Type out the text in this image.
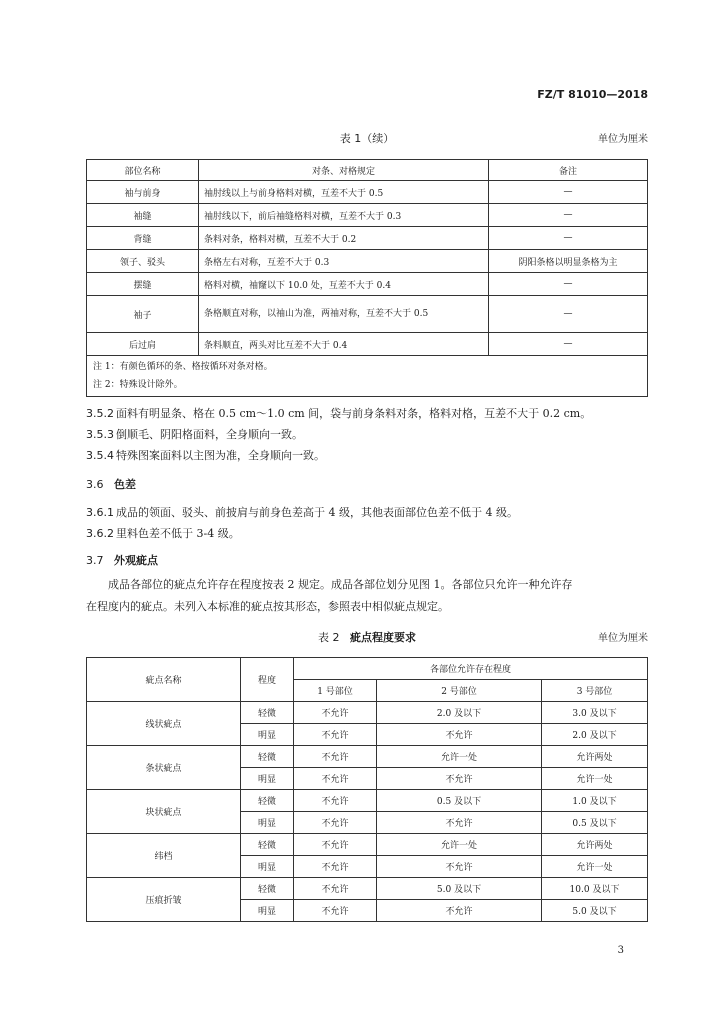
FZ/T 81010—2018
表 1（续）	单位为厘米
部位名称	对条、对格规定	备注
袖与前身	袖肘线以上与前身格料对横，互差不大于 0.5	—
袖缝	袖肘线以下，前后袖缝格料对横，互差不大于 0.3	—
背缝	条料对条，格料对横，互差不大于 0.2	—
领子、驳头	条格左右对称，互差不大于 0.3	阴阳条格以明显条格为主
摆缝	格料对横，袖窿以下 10.0 处，互差不大于 0.4	—
袖子	条格顺直对称，以袖山为准，两袖对称，互差不大于 0.5	—
后过肩	条料顺直，两头对比互差不大于 0.4	—

注 1：有颜色循环的条、格按循环对条对格。
注 2：特殊设计除外。		
3.5.2 面料有明显条、格在 0.5 cm～1.0 cm 间，袋与前身条料对条，格料对格，互差不大于 0.2 cm。
3.5.3 倒顺毛、阴阳格面料，全身顺向一致。
3.5.4 特殊图案面料以主图为准，全身顺向一致。
3.6 色差
3.6.1 成品的领面、驳头、前披肩与前身色差高于 4 级，其他表面部位色差不低于 4 级。
3.6.2 里料色差不低于 3-4 级。
3.7 外观疵点
成品各部位的疵点允许存在程度按表 2 规定。成品各部位划分见图 1。各部位只允许一种允许存
在程度内的疵点。未列入本标准的疵点按其形态，参照表中相似疵点规定。
表 2 疵点程度要求	单位为厘米
疵点名称	程度	各部位允许存在程度		
		1 号部位	2 号部位	3 号部位
线状疵点	轻微	不允许	2.0 及以下	3.0 及以下
	明显	不允许	不允许	2.0 及以下
条状疵点	轻微	不允许	允许一处	允许两处
	明显	不允许	不允许	允许一处
块状疵点	轻微	不允许	0.5 及以下	1.0 及以下
	明显	不允许	不允许	0.5 及以下
纬档	轻微	不允许	允许一处	允许两处
	明显	不允许	不允许	允许一处
压痕折皱	轻微	不允许	5.0 及以下	10.0 及以下
	明显	不允许	不允许	5.0 及以下
3
